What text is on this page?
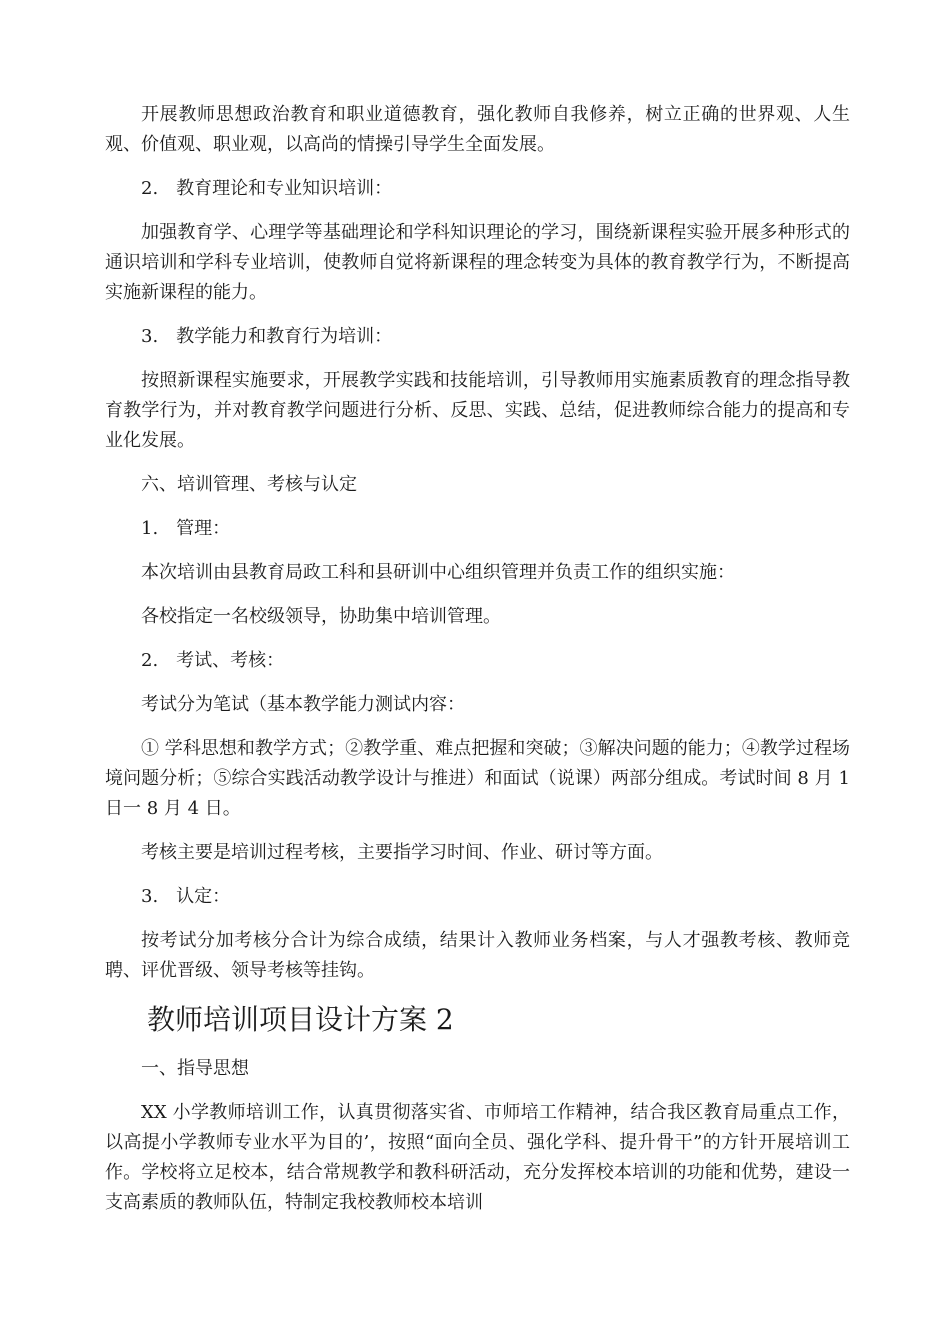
开展教师思想政治教育和职业道德教育，强化教师自我修养，树立正确的世界观、人生观、价值观、职业观，以高尚的情操引导学生全面发展。

2.　教育理论和专业知识培训：

加强教育学、心理学等基础理论和学科知识理论的学习，围绕新课程实验开展多种形式的通识培训和学科专业培训，使教师自觉将新课程的理念转变为具体的教育教学行为，不断提高实施新课程的能力。

3.　教学能力和教育行为培训：

按照新课程实施要求，开展教学实践和技能培训，引导教师用实施素质教育的理念指导教育教学行为，并对教育教学问题进行分析、反思、实践、总结，促进教师综合能力的提高和专业化发展。

六、培训管理、考核与认定

1.　管理：

本次培训由县教育局政工科和县研训中心组织管理并负责工作的组织实施：

各校指定一名校级领导，协助集中培训管理。

2.　考试、考核：

考试分为笔试（基本教学能力测试内容：

① 学科思想和教学方式；②教学重、难点把握和突破；③解决问题的能力；④教学过程场境问题分析；⑤综合实践活动教学设计与推进）和面试（说课）两部分组成。考试时间 8 月 1 日一 8 月 4 日。

考核主要是培训过程考核，主要指学习时间、作业、研讨等方面。

3.　认定：

按考试分加考核分合计为综合成绩，结果计入教师业务档案，与人才强教考核、教师竞聘、评优晋级、领导考核等挂钩。

教师培训项目设计方案 2

一、指导思想

XX 小学教师培训工作，认真贯彻落实省、市师培工作精神，结合我区教育局重点工作，以高提小学教师专业水平为目的’，按照“面向全员、强化学科、提升骨干”的方针开展培训工作。学校将立足校本，结合常规教学和教科研活动，充分发挥校本培训的功能和优势，建设一支高素质的教师队伍，特制定我校教师校本培训
